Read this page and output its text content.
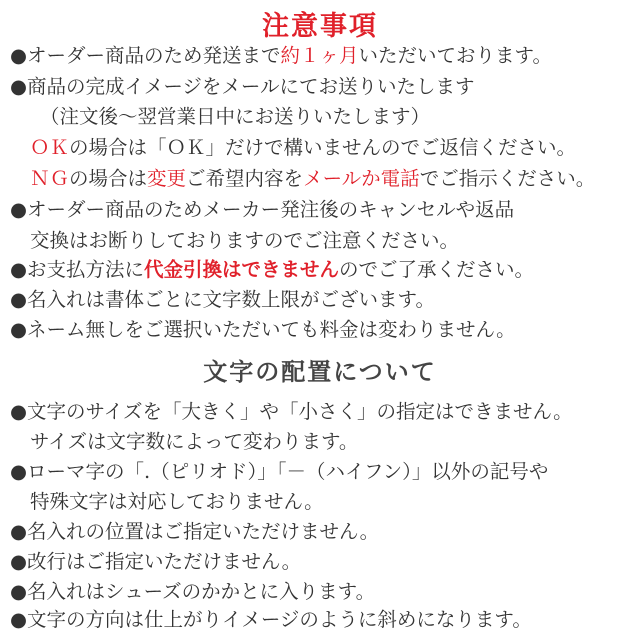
注意事項
●オーダー商品のため発送まで約１ヶ月いただいております。
●商品の完成イメージをメールにてお送りいたします
（注文後～翌営業日中にお送りいたします）
ＯＫの場合は「ＯＫ」だけで構いませんのでご返信ください。
ＮＧの場合は変更ご希望内容をメールか電話でご指示ください。
●オーダー商品のためメーカー発注後のキャンセルや返品
交換はお断りしておりますのでご注意ください。
●お支払方法に代金引換はできませんのでご了承ください。
●名入れは書体ごとに文字数上限がございます。
●ネーム無しをご選択いただいても料金は変わりません。
文字の配置について
●文字のサイズを「大きく」や「小さく」の指定はできません。
サイズは文字数によって変わります。
●ローマ字の「.（ピリオド）」「－（ハイフン）」以外の記号や
特殊文字は対応しておりません。
●名入れの位置はご指定いただけません。
●改行はご指定いただけません。
●名入れはシューズのかかとに入ります。
●文字の方向は仕上がりイメージのように斜めになります。
